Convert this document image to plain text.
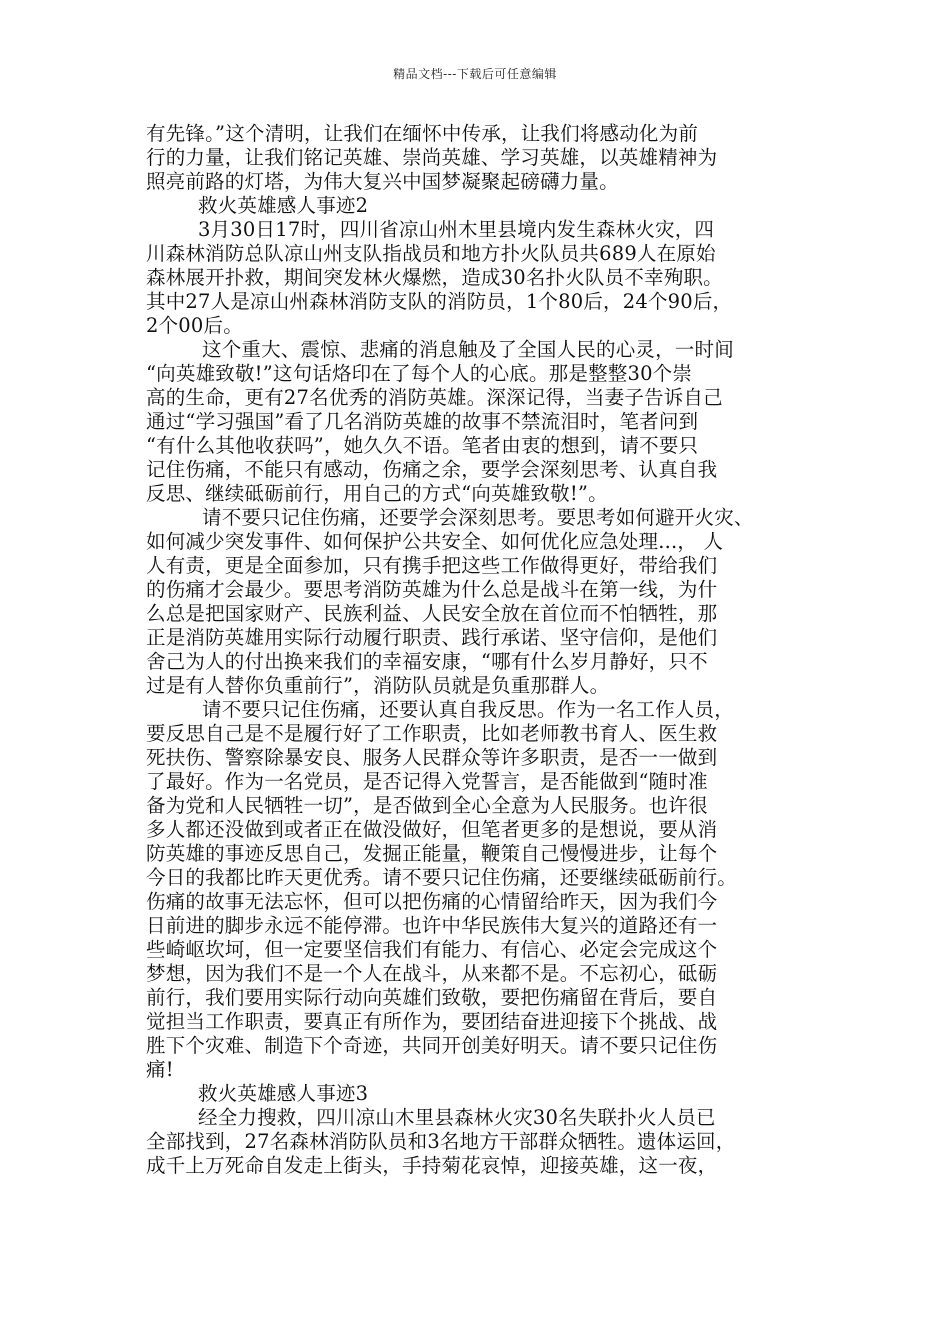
精品文档---下载后可任意编辑
有先锋。”这个清明，让我们在缅怀中传承，让我们将感动化为前
行的力量，让我们铭记英雄、崇尚英雄、学习英雄，以英雄精神为
照亮前路的灯塔，为伟大复兴中国梦凝聚起磅礴力量。
救火英雄感人事迹2
3月30日17时，四川省凉山州木里县境内发生森林火灾，四
川森林消防总队凉山州支队指战员和地方扑火队员共689人在原始
森林展开扑救，期间突发林火爆燃，造成30名扑火队员不幸殉职。
其中27人是凉山州森林消防支队的消防员，1个80后，24个90后，
2个00后。
这个重大、震惊、悲痛的消息触及了全国人民的心灵，一时间
“向英雄致敬!”这句话烙印在了每个人的心底。那是整整30个崇
高的生命，更有27名优秀的消防英雄。深深记得，当妻子告诉自己
通过“学习强国”看了几名消防英雄的故事不禁流泪时，笔者问到
“有什么其他收获吗”，她久久不语。笔者由衷的想到，请不要只
记住伤痛，不能只有感动，伤痛之余，要学会深刻思考、认真自我
反思、继续砥砺前行，用自己的方式“向英雄致敬!”。
请不要只记住伤痛，还要学会深刻思考。要思考如何避开火灾、
如何减少突发事件、如何保护公共安全、如何优化应急处理...， 人
人有责，更是全面参加，只有携手把这些工作做得更好，带给我们
的伤痛才会最少。要思考消防英雄为什么总是战斗在第一线，为什
么总是把国家财产、民族利益、人民安全放在首位而不怕牺牲，那
正是消防英雄用实际行动履行职责、践行承诺、坚守信仰，是他们
舍己为人的付出换来我们的幸福安康，“哪有什么岁月静好，只不
过是有人替你负重前行”，消防队员就是负重那群人。
请不要只记住伤痛，还要认真自我反思。作为一名工作人员，
要反思自己是不是履行好了工作职责，比如老师教书育人、医生救
死扶伤、警察除暴安良、服务人民群众等许多职责，是否一一做到
了最好。作为一名党员，是否记得入党誓言，是否能做到“随时准
备为党和人民牺牲一切”，是否做到全心全意为人民服务。也许很
多人都还没做到或者正在做没做好，但笔者更多的是想说，要从消
防英雄的事迹反思自己，发掘正能量，鞭策自己慢慢进步，让每个
今日的我都比昨天更优秀。请不要只记住伤痛，还要继续砥砺前行。
伤痛的故事无法忘怀，但可以把伤痛的心情留给昨天，因为我们今
日前进的脚步永远不能停滞。也许中华民族伟大复兴的道路还有一
些崎岖坎坷，但一定要坚信我们有能力、有信心、必定会完成这个
梦想，因为我们不是一个人在战斗，从来都不是。不忘初心，砥砺
前行，我们要用实际行动向英雄们致敬，要把伤痛留在背后，要自
觉担当工作职责，要真正有所作为，要团结奋进迎接下个挑战、战
胜下个灾难、制造下个奇迹，共同开创美好明天。请不要只记住伤
痛!
救火英雄感人事迹3
经全力搜救，四川凉山木里县森林火灾30名失联扑火人员已
全部找到，27名森林消防队员和3名地方干部群众牺牲。遗体运回，
成千上万死命自发走上街头，手持菊花哀悼，迎接英雄，这一夜，
